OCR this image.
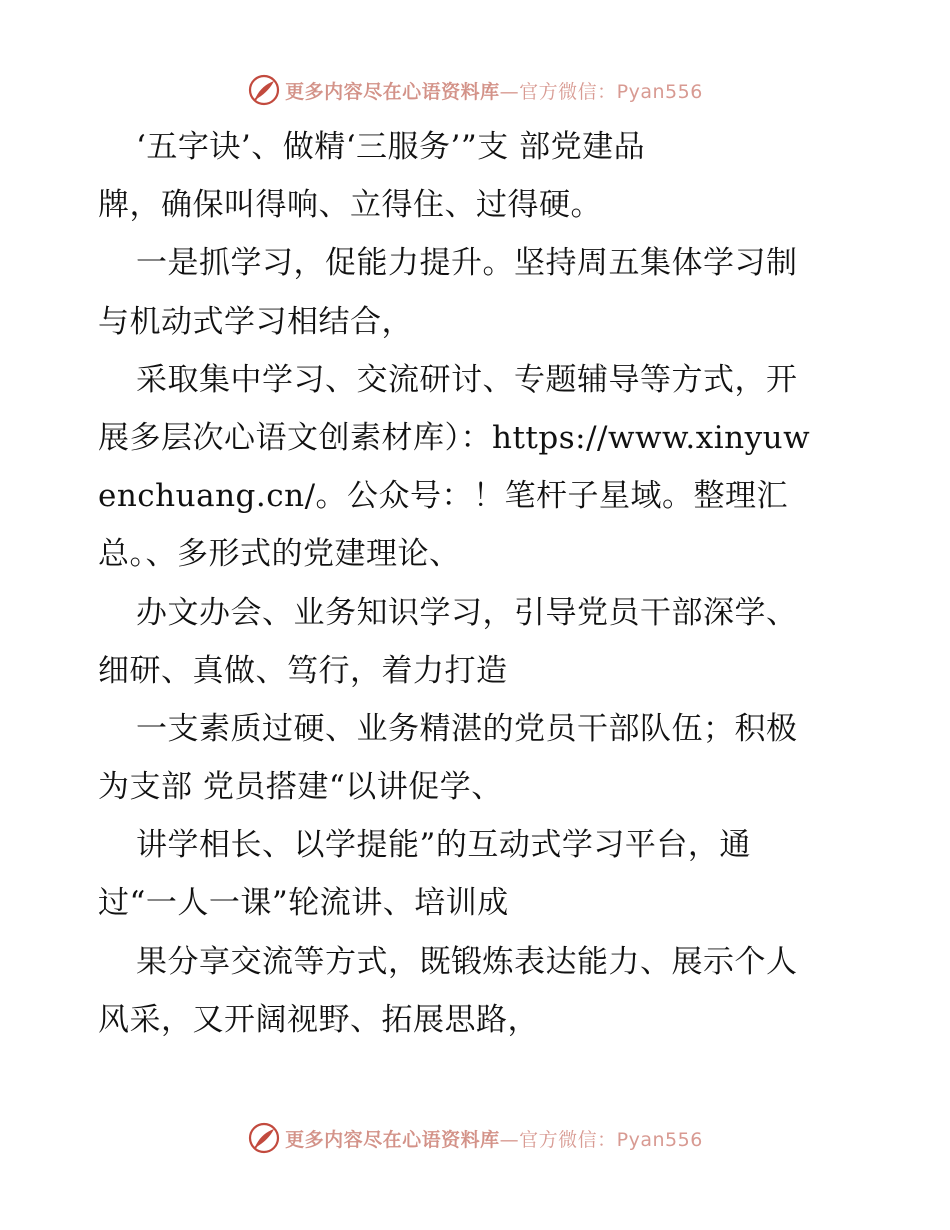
更多内容尽在心语资料库—官方微信：Pyan556
‘五字诀’、做精‘三服务’”支 部党建品
牌，确保叫得响、立得住、过得硬。
一是抓学习，促能力提升。坚持周五集体学习制
与机动式学习相结合，
采取集中学习、交流研讨、专题辅导等方式，开
展多层次心语文创素材库）：https://www.xinyuw
enchuang.cn/。公众号：！笔杆子星域。整理汇
总。、多形式的党建理论、
办文办会、业务知识学习，引导党员干部深学、
细研、真做、笃行，着力打造
一支素质过硬、业务精湛的党员干部队伍；积极
为支部 党员搭建“以讲促学、
讲学相长、以学提能”的互动式学习平台，通
过“一人一课”轮流讲、培训成
果分享交流等方式，既锻炼表达能力、展示个人
风采，又开阔视野、拓展思路，
更多内容尽在心语资料库—官方微信：Pyan556
